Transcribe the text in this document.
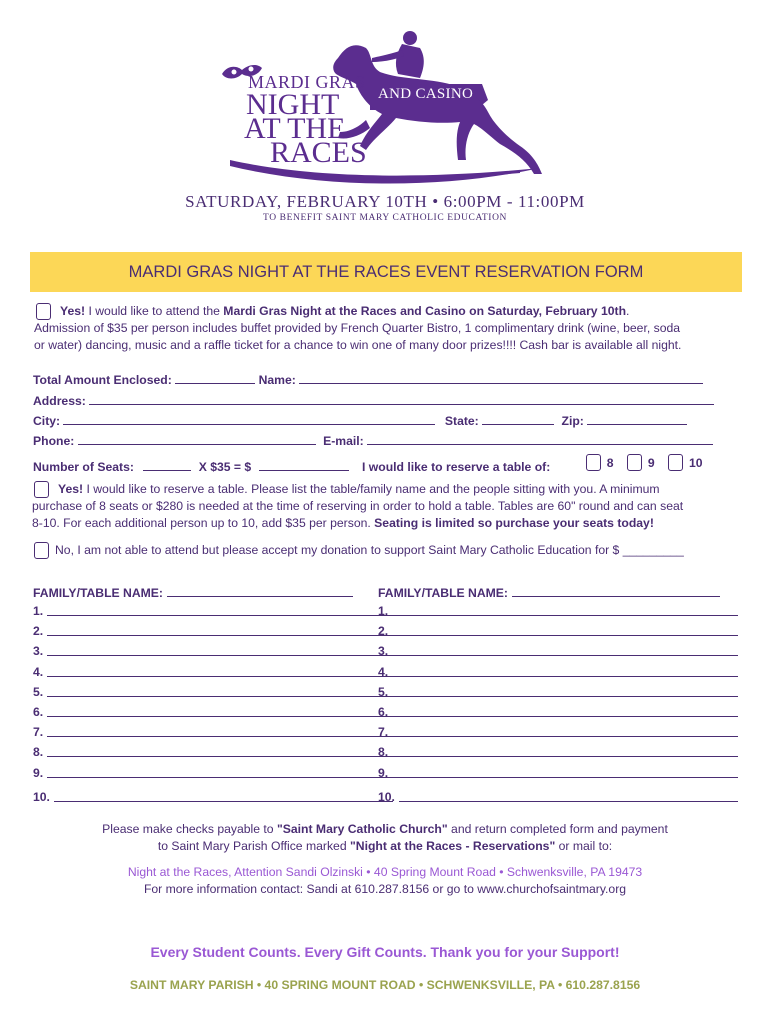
MARDI GRAS
NIGHT
AT THE
RACES
AND CASINO
SATURDAY, FEBRUARY 10TH • 6:00PM - 11:00PM
TO BENEFIT SAINT MARY CATHOLIC EDUCATION
MARDI GRAS NIGHT AT THE RACES EVENT RESERVATION FORM
Yes! I would like to attend the Mardi Gras Night at the Races and Casino on Saturday, February 10th.
Admission of $35 per person includes buffet provided by French Quarter Bistro, 1 complimentary drink (wine, beer, soda
or water) dancing, music and a raffle ticket for a chance to win one of many door prizes!!!! Cash bar is available all night.
Total Amount Enclosed:	Name:
Address:
City:	State:	Zip:
Phone:	E-mail:
Number of Seats:	X $35 = $	I would like to reserve a table of:	8
	9
	10
Yes! I would like to reserve a table. Please list the table/family name and the people sitting with you. A minimum
purchase of 8 seats or $280 is needed at the time of reserving in order to hold a table. Tables are 60" round and can seat
8-10. For each additional person up to 10, add $35 per person. Seating is limited so purchase your seats today!
No, I am not able to attend but please accept my donation to support Saint Mary Catholic Education for $ _________
FAMILY/TABLE NAME:
1.
2.
3.
4.
5.
6.
7.
8.
9.
10.
FAMILY/TABLE NAME:
1.
2.
3.
4.
5.
6.
7.
8.
9.
10.
Please make checks payable to "Saint Mary Catholic Church" and return completed form and payment
to Saint Mary Parish Office marked "Night at the Races - Reservations" or mail to:
Night at the Races, Attention Sandi Olzinski • 40 Spring Mount Road • Schwenksville, PA 19473
For more information contact: Sandi at 610.287.8156 or go to www.churchofsaintmary.org
Every Student Counts. Every Gift Counts. Thank you for your Support!
SAINT MARY PARISH • 40 SPRING MOUNT ROAD • SCHWENKSVILLE, PA • 610.287.8156
